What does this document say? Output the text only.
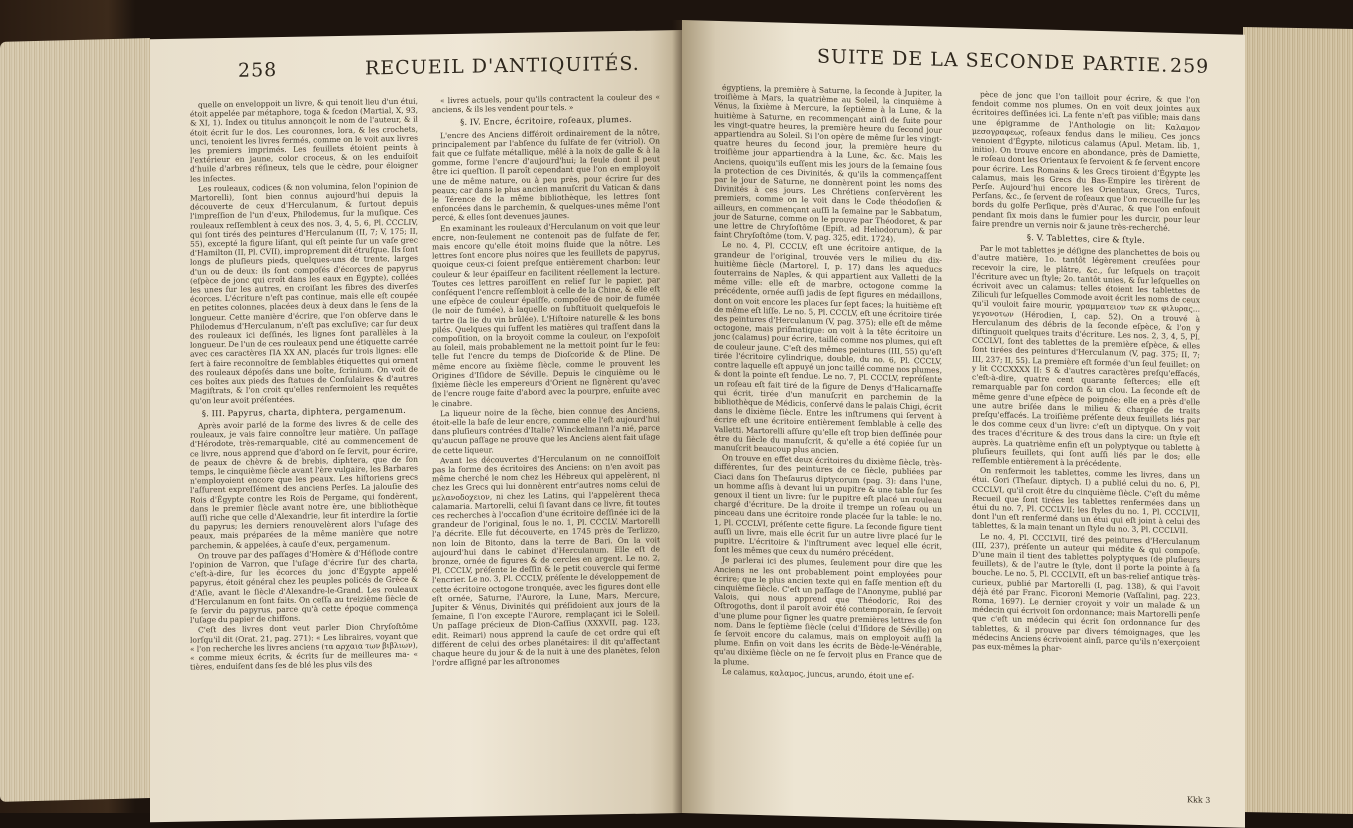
258	RECUEIL D'ANTIQUITÉS.

quelle on enveloppoit un livre, & qui tenoit lieu d'un étui, étoit appelée par métaphore, toga & ſcedon (Martial, X, 93, & XI, 1). Index ou titulus annonçoit le nom de l'auteur, & il étoit écrit ſur le dos. Les couronnes, lora, & les crochets, unci, tenoient les livres fermés, comme on le voit aux livres les premiers imprimés. Les feuillets étoient peints à l'extérieur en jaune, color croceus, & on les enduiſoit d'huile d'arbres réſineux, tels que le cèdre, pour éloigner les inſectes.

Les rouleaux, codices (& non volumina, ſelon l'opinion de Martorelli), ſont bien connus aujourd'hui depuis la découverte de ceux d'Herculanum, & ſurtout depuis l'impreſſion de l'un d'eux, Philodemus, ſur la muſique. Ces rouleaux reſſemblent à ceux des nos. 3, 4, 5, 6, Pl. CCCLIV, qui ſont tirés des peintures d'Herculanum (II, 7; V, 175; II, 55), excepté la figure liſant, qui eſt peinte ſur un vaſe grec d'Hamilton (II, Pl. CVII), improprement dit étruſque. Ils ſont longs de pluſieurs pieds, quelques-uns de trente, larges d'un ou de deux: ils ſont compoſés d'écorces de papyrus (eſpèce de jonc qui croît dans les eaux en Égypte), collées les unes ſur les autres, en croiſant les fibres des diverſes écorces. L'écriture n'eſt pas continue, mais elle eſt coupée en petites colonnes, placées deux à deux dans le ſens de la longueur. Cette manière d'écrire, que l'on obſerve dans le Philodemus d'Herculanum, n'eſt pas excluſive; car ſur deux des rouleaux ici deſſinés, les lignes ſont parallèles à la longueur. De l'un de ces rouleaux pend une étiquette carrée avec ces caractères ΠΑ ΧΧ ΑΝ, placés ſur trois lignes: elle ſert à faire reconnoître de ſemblables étiquettes qui ornent des rouleaux dépoſés dans une boîte, ſcrinium. On voit de ces boîtes aux pieds des ſtatues de Conſulaires & d'autres Magiſtrats, & l'on croit qu'elles renfermoient les requêtes qu'on leur avoit préſentées.

§. III. Papyrus, charta, diphtera, pergamenum.

Après avoir parlé de la forme des livres & de celle des rouleaux, je vais faire connoître leur matière. Un paſſage d'Hérodote, très-remarquable, cité au commencement de ce livre, nous apprend que d'abord on ſe ſervit, pour écrire, de peaux de chèvre & de brebis, diphtera, que de ſon temps, le cinquième ſiècle avant l'ère vulgaire, les Barbares n'employoient encore que les peaux. Les hiſtoriens grecs l'aſſurent expreſſément des anciens Perſes. La jalouſie des Rois d'Égypte contre les Rois de Pergame, qui fondèrent, dans le premier ſiècle avant notre ère, une bibliothèque auſſi riche que celle d'Alexandrie, leur fit interdire la ſortie du papyrus; les derniers renouvelèrent alors l'uſage des peaux, mais préparées de la même manière que notre parchemin, & appelées, à cauſe d'eux, pergamenum.

On trouve par des paſſages d'Homère & d'Héſiode contre l'opinion de Varron, que l'uſage d'écrire ſur des charta, c'eſt-à-dire, ſur les écorces du jonc d'Égypte appelé papyrus, étoit général chez les peuples policés de Grèce & d'Aſie, avant le ſiècle d'Alexandre-le-Grand. Les rouleaux d'Herculanum en ſont faits. On ceſſa au treizième ſiècle de ſe ſervir du papyrus, parce qu'à cette époque commença l'uſage du papier de chiffons.

C'eſt des livres dont veut parler Dion Chryſoſtôme lorſqu'il dit (Orat. 21, pag. 271): « Les libraires, voyant que « l'on recherche les livres anciens (τα αρχαια των βιβλιων), « comme mieux écrits, & écrits ſur de meilleures ma- « tières, enduiſent dans ſes de blé les plus vils des

« livres actuels, pour qu'ils contractent la couleur des « anciens, & ils les vendent pour tels. »

§. IV. Encre, écritoire, roſeaux, plumes.

L'encre des Anciens différoit ordinairement de la nôtre, principalement par l'abſence du ſulfate de fer (vitriol). On fait que ce ſulfate métallique, mêlé à la noix de galle & à la gomme, forme l'encre d'aujourd'hui; la ſeule dont il peut être ici queſtion. Il paroît cependant que l'on en employoit une de même nature, ou à peu près, pour écrire ſur des peaux; car dans le plus ancien manuſcrit du Vatican & dans le Térence de la même bibliothèque, les lettres ſont enfoncées dans le parchemin, & quelques-unes même l'ont percé, & elles ſont devenues jaunes.

En examinant les rouleaux d'Herculanum on voit que leur encre, non-ſeulement ne contenoit pas de ſulfate de fer, mais encore qu'elle étoit moins fluide que la nôtre. Les lettres ſont encore plus noires que les feuillets de papyrus, quoique ceux-ci ſoient preſque entièrement charbon: leur couleur & leur épaiſſeur en facilitent réellement la lecture. Toutes ces lettres paroiſſent en relief ſur le papier, par conſéquent l'encre reſſembloit à celle de la Chine, & elle eſt une eſpèce de couleur épaiſſe, compoſée de noir de fumée (le noir de fumée), à laquelle on ſubſtituoit quelquefois le tartre (la lie du vin brûlée). L'Hiſtoire naturelle & les bons pilés. Quelques qui ſuffent les matières qui traſſent dans la compoſition, on la broyoit comme la couleur, on l'expoſoit au ſoleil, mais probablement ne la mettoit point ſur le feu: telle fut l'encre du temps de Dioſcoride & de Pline. De même encore au ſixième ſiècle, comme le prouvent les Origines d'Iſidore de Séville. Depuis le cinquième ou le ſixième ſiècle les empereurs d'Orient ne ſignèrent qu'avec de l'encre rouge faite d'abord avec la pourpre, enſuite avec le cinabre.

La liqueur noire de la ſèche, bien connue des Anciens, étoit-elle la baſe de leur encre, comme elle l'eſt aujourd'hui dans pluſieurs contrées d'Italie? Winckelmann l'a nié, parce qu'aucun paſſage ne prouve que les Anciens aient fait uſage de cette liqueur.

Avant les découvertes d'Herculanum on ne connoiſſoit pas la forme des écritoires des Anciens: on n'en avoit pas même cherché le nom chez les Hébreux qui appelèrent, ni chez les Grecs qui lui donnèrent entr'autres noms celui de μελανοδοχειον, ni chez les Latins, qui l'appelèrent theca calamaria. Martorelli, celui ſi ſavant dans ce livre, fit toutes ces recherches à l'occaſion d'une écritoire deſſinée ici de la grandeur de l'original, ſous le no. 1, Pl. CCCLV. Martorelli l'a décrite. Elle fut découverte, en 1745 près de Terlizzo, non loin de Bitonto, dans la terre de Bari. On la voit aujourd'hui dans le cabinet d'Herculanum. Elle eſt de bronze, ornée de figures & de cercles en argent. Le no. 2, Pl. CCCLV, préſente le deſſin & le petit couvercle qui ferme l'encrier. Le no. 3, Pl. CCCLV, préſente le développement de cette écritoire octogone tronquée, avec les figures dont elle eſt ornée, Saturne, l'Aurore, la Lune, Mars, Mercure, Jupiter & Vénus, Divinités qui préſidoient aux jours de la ſemaine, ſi l'on excepte l'Aurore, remplaçant ici le Soleil. Un paſſage précieux de Dion-Caſſius (XXXVII, pag. 123, edit. Reimari) nous apprend la cauſe de cet ordre qui eſt différent de celui des orbes planétaires: il dit qu'affectant chaque heure du jour & de la nuit à une des planètes, ſelon l'ordre aſſigné par les aſtronomes

SUITE DE LA SECONDE PARTIE. 259

égyptiens, la première à Saturne, la ſeconde à Jupiter, la troiſième à Mars, la quatrième au Soleil, la cinquième à Vénus, la ſixième à Mercure, la ſeptième à la Lune, & la huitième à Saturne, en recommençant ainſi de ſuite pour les vingt-quatre heures, la première heure du ſecond jour appartiendra au Soleil. Si l'on opère de même ſur les vingt-quatre heures du ſecond jour, la première heure du troiſième jour appartiendra à la Lune, &c. &c. Mais les Anciens, quoiqu'ils euſſent mis les jours de la ſemaine ſous la protection de ces Divinités, & qu'ils la commençaſſent par le jour de Saturne, ne donnèrent point les noms des Divinités à ces jours. Les Chrétiens conſervèrent les premiers, comme on le voit dans le Code théodoſien & ailleurs, en commençant auſſi la ſemaine par le Sabbatum, jour de Saturne, comme on le prouve par Théodoret, & par une lettre de Chryſoſtôme (Epiſt. ad Heliodorum), & par faint Chryſoſtôme (tom. V, pag. 325, edit. 1724).

Le no. 4, Pl. CCCLV, eſt une écritoire antique, de la grandeur de l'original, trouvée vers le milieu du dix-huitième ſiècle (Martorel. I, p. 17) dans les aqueducs ſouterrains de Naples, & qui appartient aux Valletti de la même ville: elle eſt de marbre, octogone comme la précédente, ornée auſſi jadis de ſept figures en médaillons, dont on voit encore les places ſur ſept faces; la huitième eſt de même eſt liſſe. Le no. 5, Pl. CCCLV, eſt une écritoire tirée des peintures d'Herculanum (V, pag. 375); elle eſt de même octogone, mais priſmatique: on voit à la tête écritoire un jonc (calamus) pour écrire, taillé comme nos plumes, qui eſt de couleur jaune. C'eſt des mêmes peintures (III, 55) qu'eſt tirée l'écritoire cylindrique, double, du no. 6, Pl. CCCLV, contre laquelle eſt appuyé un jonc taillé comme nos plumes, & dont la pointe eſt fendue. Le no. 7, Pl. CCCLV, repréſente un roſeau eſt fait tiré de la figure de Denys d'Halicarnaſſe qui écrit, tirée d'un manuſcrit en parchemin de la bibliothèque de Médicis, conſervé dans le palais Chigi, écrit dans le dixième ſiècle. Entre les inſtrumens qui ſervent à écrire eſt une écritoire entièrement ſemblable à celle des Valletti. Martorelli aſſure qu'elle eſt trop bien deſſinée pour être du ſiècle du manuſcrit, & qu'elle a été copiée ſur un manuſcrit beaucoup plus ancien.

On trouve en effet deux écritoires du dixième ſiècle, très-différentes, ſur des peintures de ce ſiècle, publiées par Ciaci dans ſon Theſaurus diptycorum (pag. 3): dans l'une, un homme aſſis à devant lui un pupitre & une table ſur ſes genoux il tient un livre: ſur le pupitre eſt placé un rouleau chargé d'écriture. De la droite il trempe un roſeau ou un pinceau dans une écritoire ronde placée ſur la table: le no. 1, Pl. CCCLVI, préſente cette figure. La ſeconde figure tient auſſi un livre, mais elle écrit ſur un autre livre placé ſur le pupitre. L'écritoire & l'inſtrument avec lequel elle écrit, ſont les mêmes que ceux du numéro précédent.

Je parlerai ici des plumes, ſeulement pour dire que les Anciens ne les ont probablement point employées pour écrire; que le plus ancien texte qui en faſſe mention eſt du cinquième ſiècle. C'eſt un paſſage de l'Anonyme, publié par Valois, qui nous apprend que Théodoric, Roi des Oſtrogoths, dont il paroît avoir été contemporain, ſe ſervoit d'une plume pour ſigner les quatre premières lettres de ſon nom. Dans le ſeptième ſiècle (celui d'Iſidore de Séville) on ſe ſervoit encore du calamus, mais on employoit auſſi la plume. Enfin on voit dans les écrits de Bède-le-Vénérable, qu'au dixième ſiècle on ne ſe ſervoit plus en France que de la plume.

Le calamus, καλαμος, juncus, arundo, étoit une eſ-

pèce de jonc que l'on tailloit pour écrire, & que l'on fendoit comme nos plumes. On en voit deux jointes aux écritoires deſſinées ici. La fente n'eſt pas viſible; mais dans une épigramme de l'Anthologie on lit: Καλαμον μεσογραφεως, roſeaux fendus dans le milieu. Ces joncs venoient d'Égypte, niloticus calamus (Apul. Metam. lib. 1, initio). On trouve encore en abondance, près de Damiette, le roſeau dont les Orientaux ſe ſervoient & ſe ſervent encore pour écrire. Les Romains & les Grecs tiroient d'Égypte les calamus, mais les Grecs du Bas-Empire les tirèrent de Perſe. Aujourd'hui encore les Orientaux, Grecs, Turcs, Perſans, &c., ſe ſervent de roſeaux que l'on recueille ſur les bords du golfe Perſique, près d'Aurac, & que l'on enfouit pendant ſix mois dans le fumier pour les durcir, pour leur faire prendre un vernis noir & jaune très-recherché.

§. V. Tablettes, cire & ſtyle.

Par le mot tablettes je déſigne des planchettes de bois ou d'autre matière, 1o. tantôt légèrement creuſées pour recevoir la cire, le plâtre, &c., ſur leſquels on traçoit l'écriture avec un ſtyle; 2o. tantôt unies, & ſur leſquelles on écrivoit avec un calamus: telles étoient les tablettes de Ziliculi ſur leſquelles Commode avoit écrit les noms de ceux qu'il vouloit faire mourir, γραμματειον των εκ φιλυρας... γεγονοτων (Hérodien, I, cap. 52). On a trouvé à Herculanum des débris de la ſeconde eſpèce, & l'on y diſtinguoit quelques traits d'écriture. Les nos. 2, 3, 4, 5, Pl. CCCLVI, ſont des tablettes de la première eſpèce, & elles ſont tirées des peintures d'Herculanum (V, pag. 375; II, 7; III, 237; II, 55). La première eſt formée d'un ſeul feuillet: on y lit CCCXXXX II: S & d'autres caractères preſqu'effacés, c'eſt-à-dire, quatre cent quarante ſeſterces; elle eſt remarquable par ſon cordon & un clou. La ſeconde eſt de même genre d'une eſpèce de poignée; elle en a près d'elle une autre briſée dans le milieu & chargée de traits preſqu'effacés. La troiſième préſente deux feuillets liés par le dos comme ceux d'un livre: c'eſt un diptyque. On y voit des traces d'écriture & des trous dans la cire: un ſtyle eſt auprès. La quatrième enfin eſt un polyptyque ou tablette à pluſieurs feuillets, qui ſont auſſi liés par le dos; elle reſſemble entièrement à la précédente.

On renfermoit les tablettes, comme les livres, dans un étui. Gori (Theſaur. diptych. I) a publié celui du no. 6, Pl. CCCLVI, qu'il croit être du cinquième ſiècle. C'eſt du même Recueil que ſont tirées les tablettes renfermées dans un étui du no. 7, Pl. CCCLVII; les ſtyles du no. 1, Pl. CCCLVII, dont l'un eſt renfermé dans un étui qui eſt joint à celui des tablettes, & la main tenant un ſtyle du no. 3, Pl. CCCLVII.

Le no. 4, Pl. CCCLVII, tiré des peintures d'Herculanum (III, 237), préſente un auteur qui médite & qui compoſe. D'une main il tient des tablettes polyptyques (de pluſieurs feuillets), & de l'autre le ſtyle, dont il porte la pointe à ſa bouche. Le no. 5, Pl. CCCLVII, eſt un bas-relief antique très-curieux, publié par Martorelli (I, pag. 138), & qui l'avoit déjà été par Franc. Ficoroni Memorie (Vaſſalini, pag. 223. Roma, 1697). Le dernier croyoit y voir un malade & un médecin qui écrivoit ſon ordonnance; mais Martorelli penſe que c'eſt un médecin qui écrit ſon ordonnance ſur des tablettes, & il prouve par divers témoignages, que les médecins Anciens écrivoient ainſi, parce qu'ils n'exerçoient pas eux-mêmes la phar-

Kkk 3
